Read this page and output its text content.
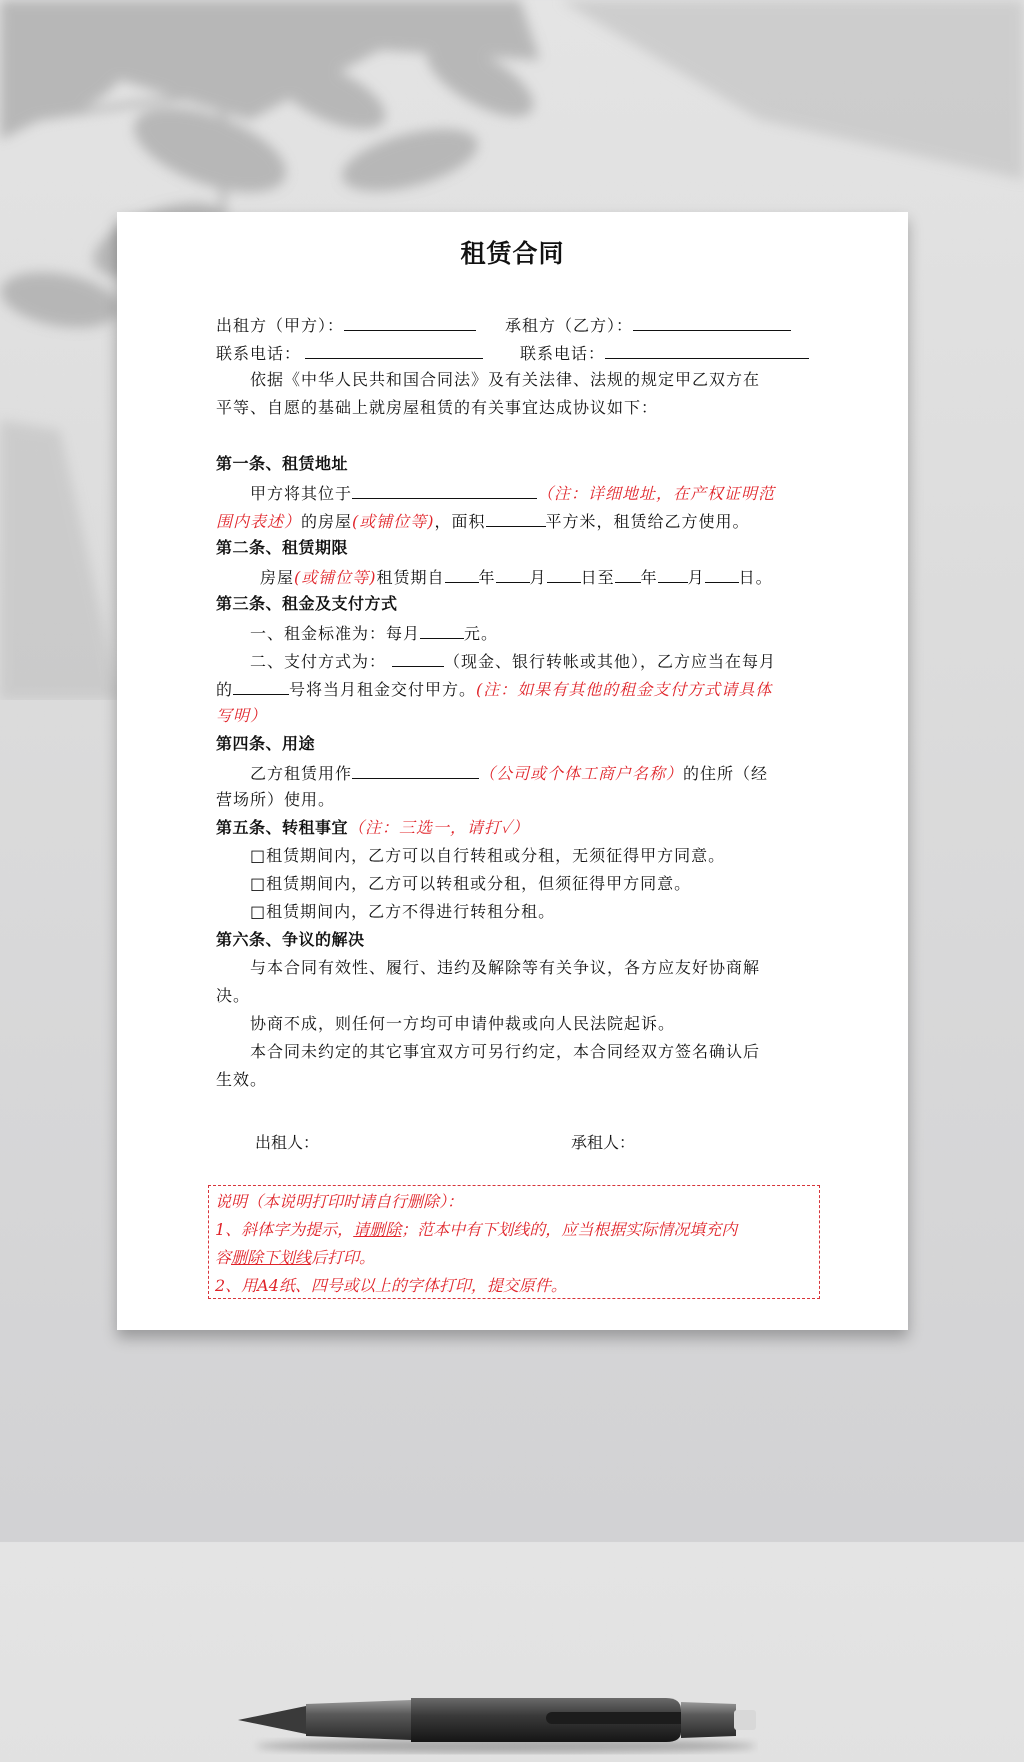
租赁合同
出租方（甲方）：	承租方（乙方）：
联系电话：	联系电话：
依据《中华人民共和国合同法》及有关法律、法规的规定甲乙双方在
平等、自愿的基础上就房屋租赁的有关事宜达成协议如下：
第一条、租赁地址
甲方将其位于	（注：详细地址，在产权证明范
围内表述）的房屋(或铺位等)，面积	平方米，租赁给乙方使用。
第二条、租赁期限
房屋(或铺位等)租赁期自 年 月 日至 年 月 日。
第三条、租金及支付方式
一、租金标准为：每月	元。
二、支付方式为：	（现金、银行转帐或其他），乙方应当在每月
的	号将当月租金交付甲方。(注：如果有其他的租金支付方式请具体
写明）
第四条、用途
乙方租赁用作	（公司或个体工商户名称）的住所（经
营场所）使用。
第五条、转租事宜（注：三选一，请打✓）
□租赁期间内，乙方可以自行转租或分租，无须征得甲方同意。
□租赁期间内，乙方可以转租或分租，但须征得甲方同意。
□租赁期间内，乙方不得进行转租分租。
第六条、争议的解决
与本合同有效性、履行、违约及解除等有关争议，各方应友好协商解
决。
协商不成，则任何一方均可申请仲裁或向人民法院起诉。
本合同未约定的其它事宜双方可另行约定，本合同经双方签名确认后
生效。
出租人：	承租人：
说明（本说明打印时请自行删除）：
1、斜体字为提示，请删除；范本中有下划线的，应当根据实际情况填充内
容删除下划线后打印。
2、用A4纸、四号或以上的字体打印，提交原件。
